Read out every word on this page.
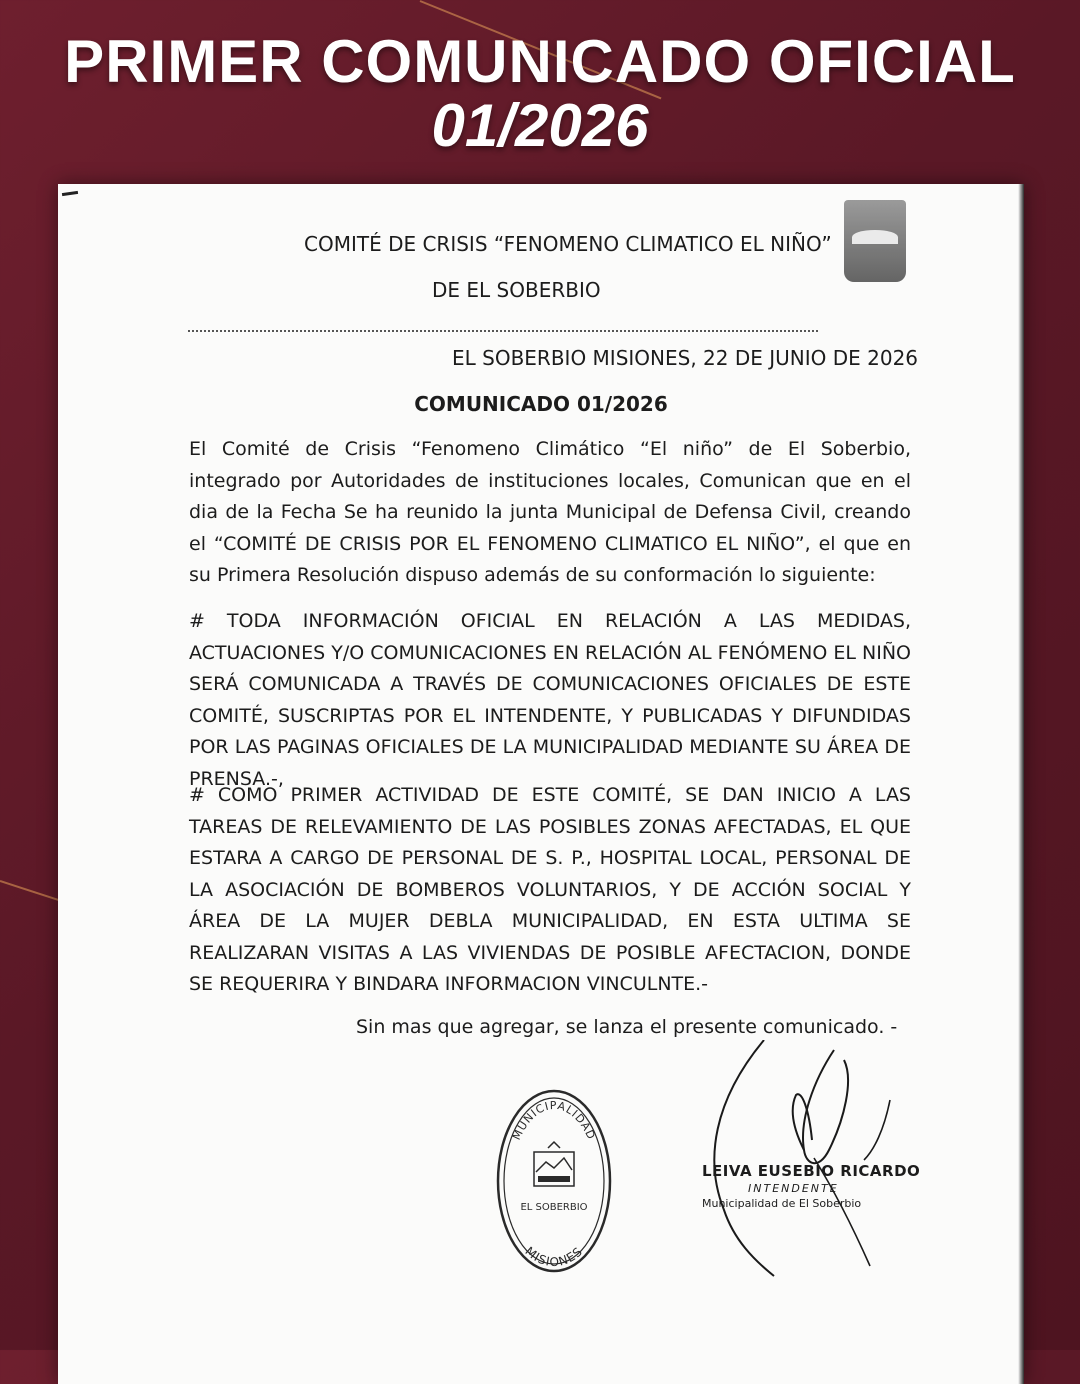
PRIMER COMUNICADO OFICIAL
01/2026
COMITÉ DE CRISIS “FENOMENO CLIMATICO EL NIÑO”
DE EL SOBERBIO
EL SOBERBIO MISIONES, 22 DE JUNIO DE 2026
COMUNICADO 01/2026
El Comité de Crisis “Fenomeno Climático “El niño” de El Soberbio, integrado por Autoridades de instituciones locales, Comunican que en el dia de la Fecha Se ha reunido la junta Municipal de Defensa Civil, creando el “COMITÉ DE CRISIS POR EL FENOMENO CLIMATICO EL NIÑO”, el que en su Primera Resolución dispuso además de su conformación lo siguiente:
# TODA INFORMACIÓN OFICIAL EN RELACIÓN A LAS MEDIDAS, ACTUACIONES Y/O COMUNICACIONES EN RELACIÓN AL FENÓMENO EL NIÑO SERÁ COMUNICADA A TRAVÉS DE COMUNICACIONES OFICIALES DE ESTE COMITÉ, SUSCRIPTAS POR EL INTENDENTE, Y PUBLICADAS Y DIFUNDIDAS POR LAS PAGINAS OFICIALES DE LA MUNICIPALIDAD MEDIANTE SU ÁREA DE PRENSA.-,
# COMO PRIMER ACTIVIDAD DE ESTE COMITÉ, SE DAN INICIO A LAS TAREAS DE RELEVAMIENTO DE LAS POSIBLES ZONAS AFECTADAS, EL QUE ESTARA A CARGO DE PERSONAL DE S. P., HOSPITAL LOCAL, PERSONAL DE LA ASOCIACIÓN DE BOMBEROS VOLUNTARIOS, Y DE ACCIÓN SOCIAL Y ÁREA DE LA MUJER DEBLA MUNICIPALIDAD, EN ESTA ULTIMA SE REALIZARAN VISITAS A LAS VIVIENDAS DE POSIBLE AFECTACION, DONDE SE REQUERIRA Y BINDARA INFORMACION VINCULNTE.-
Sin mas que agregar, se lanza el presente comunicado. -
MUNICIPALIDAD
EL SOBERBIO
MISIONES
LEIVA EUSEBIO RICARDO
INTENDENTE
Municipalidad de El Soberbio
